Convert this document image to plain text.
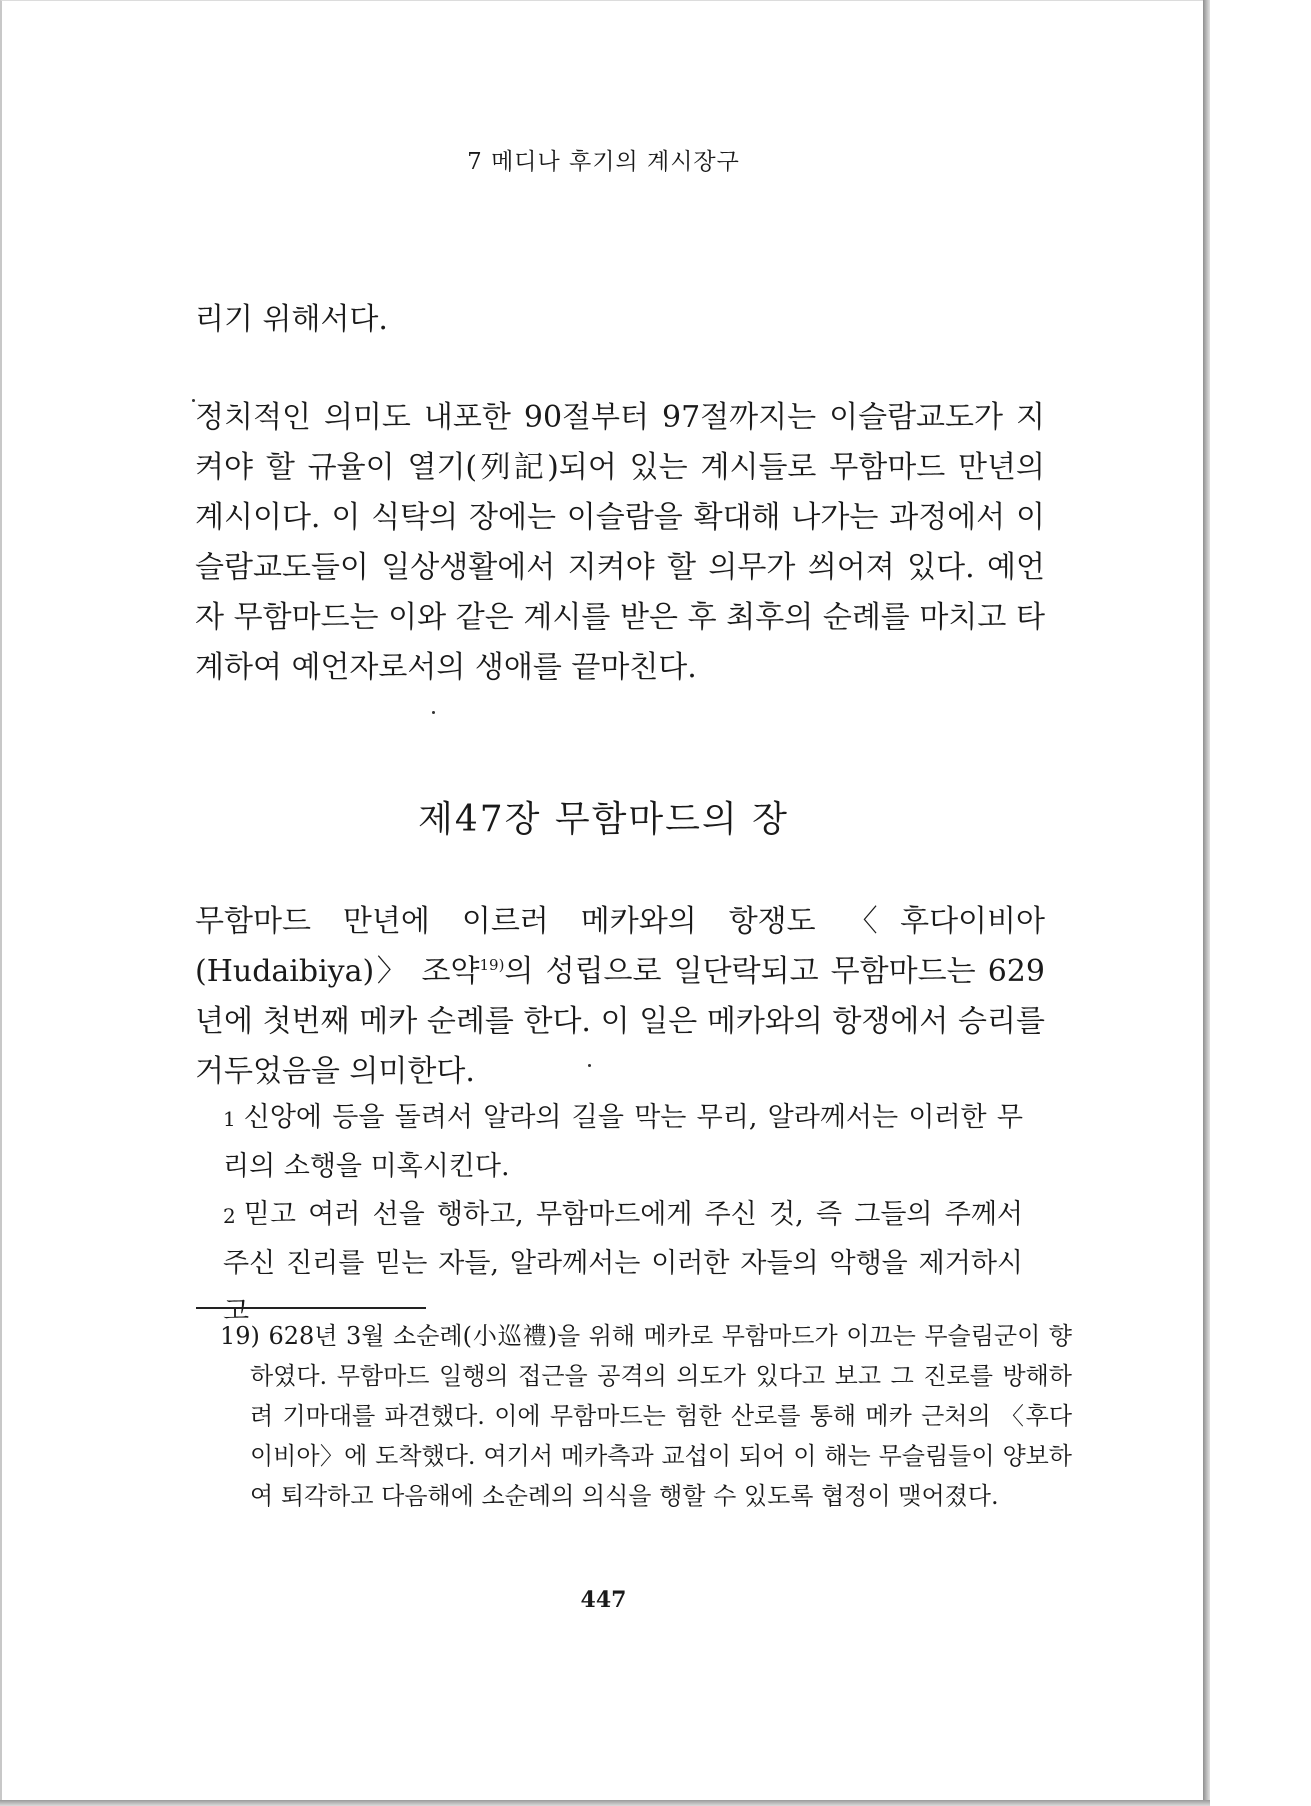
7 메디나 후기의 계시장구

리기 위해서다.

정치적인 의미도 내포한 90절부터 97절까지는 이슬람교도가 지켜야 할 규율이 열기(列記)되어 있는 계시들로 무함마드 만년의 계시이다. 이 식탁의 장에는 이슬람을 확대해 나가는 과정에서 이슬람교도들이 일상생활에서 지켜야 할 의무가 씌어져 있다. 예언자 무함마드는 이와 같은 계시를 받은 후 최후의 순례를 마치고 타계하여 예언자로서의 생애를 끝마친다.

제47장 무함마드의 장

무함마드 만년에 이르러 메카와의 항쟁도 〈후다이비아(Hudaibiya)〉 조약$^{19)}$의 성립으로 일단락되고 무함마드는 629년에 첫번째 메카 순례를 한다. 이 일은 메카와의 항쟁에서 승리를 거두었음을 의미한다.

1 신앙에 등을 돌려서 알라의 길을 막는 무리, 알라께서는 이러한 무리의 소행을 미혹시킨다.

2 믿고 여러 선을 행하고, 무함마드에게 주신 것, 즉 그들의 주께서 주신 진리를 믿는 자들, 알라께서는 이러한 자들의 악행을 제거하시고

19) 628년 3월 소순례(小巡禮)을 위해 메카로 무함마드가 이끄는 무슬림군이 향하였다. 무함마드 일행의 접근을 공격의 의도가 있다고 보고 그 진로를 방해하려 기마대를 파견했다. 이에 무함마드는 험한 산로를 통해 메카 근처의 〈후다이비아〉에 도착했다. 여기서 메카측과 교섭이 되어 이 해는 무슬림들이 양보하여 퇴각하고 다음해에 소순례의 의식을 행할 수 있도록 협정이 맺어졌다.

447
